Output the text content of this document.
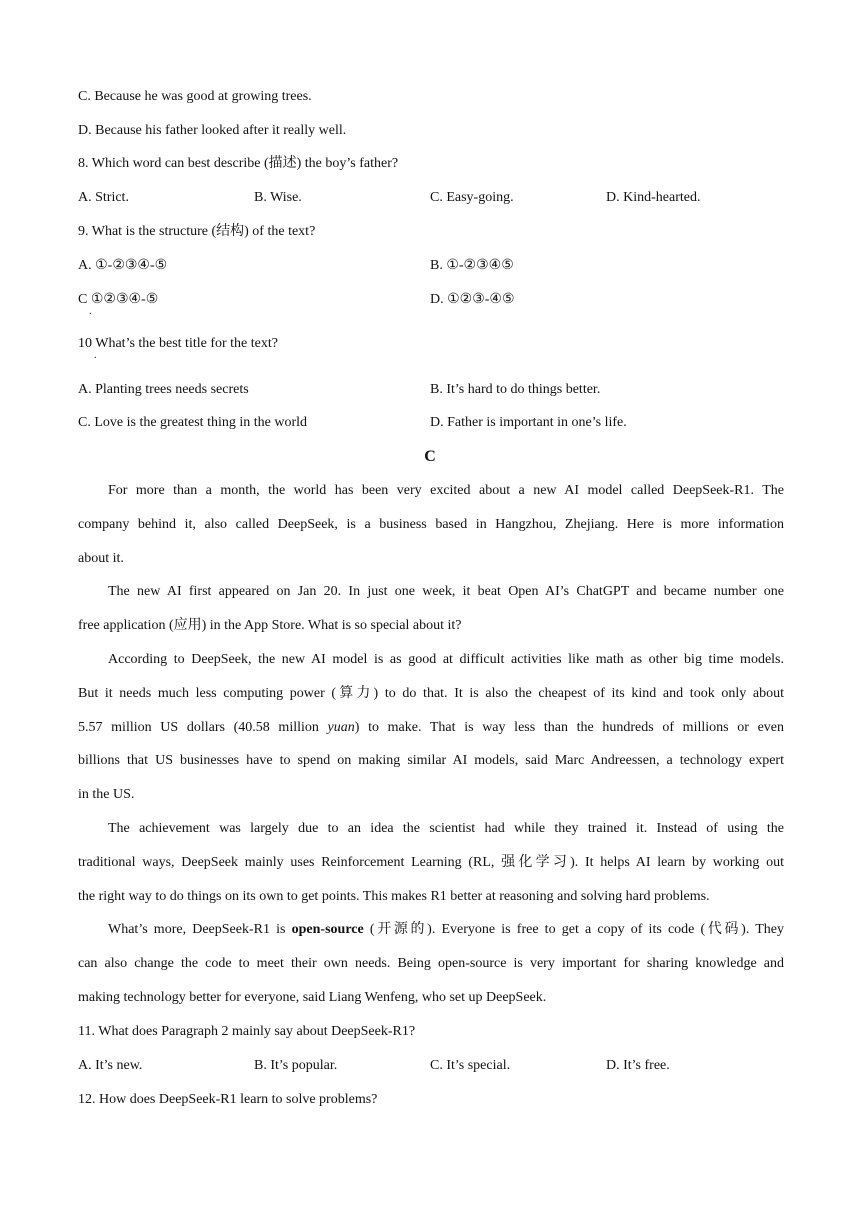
C. Because he was good at growing trees.
D. Because his father looked after it really well.
8. Which word can best describe (描述) the boy’s father?
A. Strict.	B. Wise.	C. Easy-going.	D. Kind-hearted.
9. What is the structure (结构) of the text?
A. ①-②③④-⑤	B. ①-②③④⑤
C ①②③④-⑤
.
D. ①②③-④⑤
10 What’s the best title for the text?
.
A. Planting trees needs secrets	B. It’s hard to do things better.
C. Love is the greatest thing in the world	D. Father is important in one’s life.
C
For more than a month, the world has been very excited about a new AI model called DeepSeek-R1. The
company behind it, also called DeepSeek, is a business based in Hangzhou, Zhejiang. Here is more information
about it.
The new AI first appeared on Jan 20. In just one week, it beat Open AI’s ChatGPT and became number one
free application (应用) in the App Store. What is so special about it?
According to DeepSeek, the new AI model is as good at difficult activities like math as other big time models.
But it needs much less computing power (算力) to do that. It is also the cheapest of its kind and took only about
5.57 million US dollars (40.58 million yuan) to make. That is way less than the hundreds of millions or even
billions that US businesses have to spend on making similar AI models, said Marc Andreessen, a technology expert
in the US.
The achievement was largely due to an idea the scientist had while they trained it. Instead of using the
traditional ways, DeepSeek mainly uses Reinforcement Learning (RL, 强化学习). It helps AI learn by working out
the right way to do things on its own to get points. This makes R1 better at reasoning and solving hard problems.
What’s more, DeepSeek-R1 is open-source (开源的). Everyone is free to get a copy of its code (代码). They
can also change the code to meet their own needs. Being open-source is very important for sharing knowledge and
making technology better for everyone, said Liang Wenfeng, who set up DeepSeek.
11. What does Paragraph 2 mainly say about DeepSeek-R1?
A. It’s new.	B. It’s popular.	C. It’s special.	D. It’s free.
12. How does DeepSeek-R1 learn to solve problems?
